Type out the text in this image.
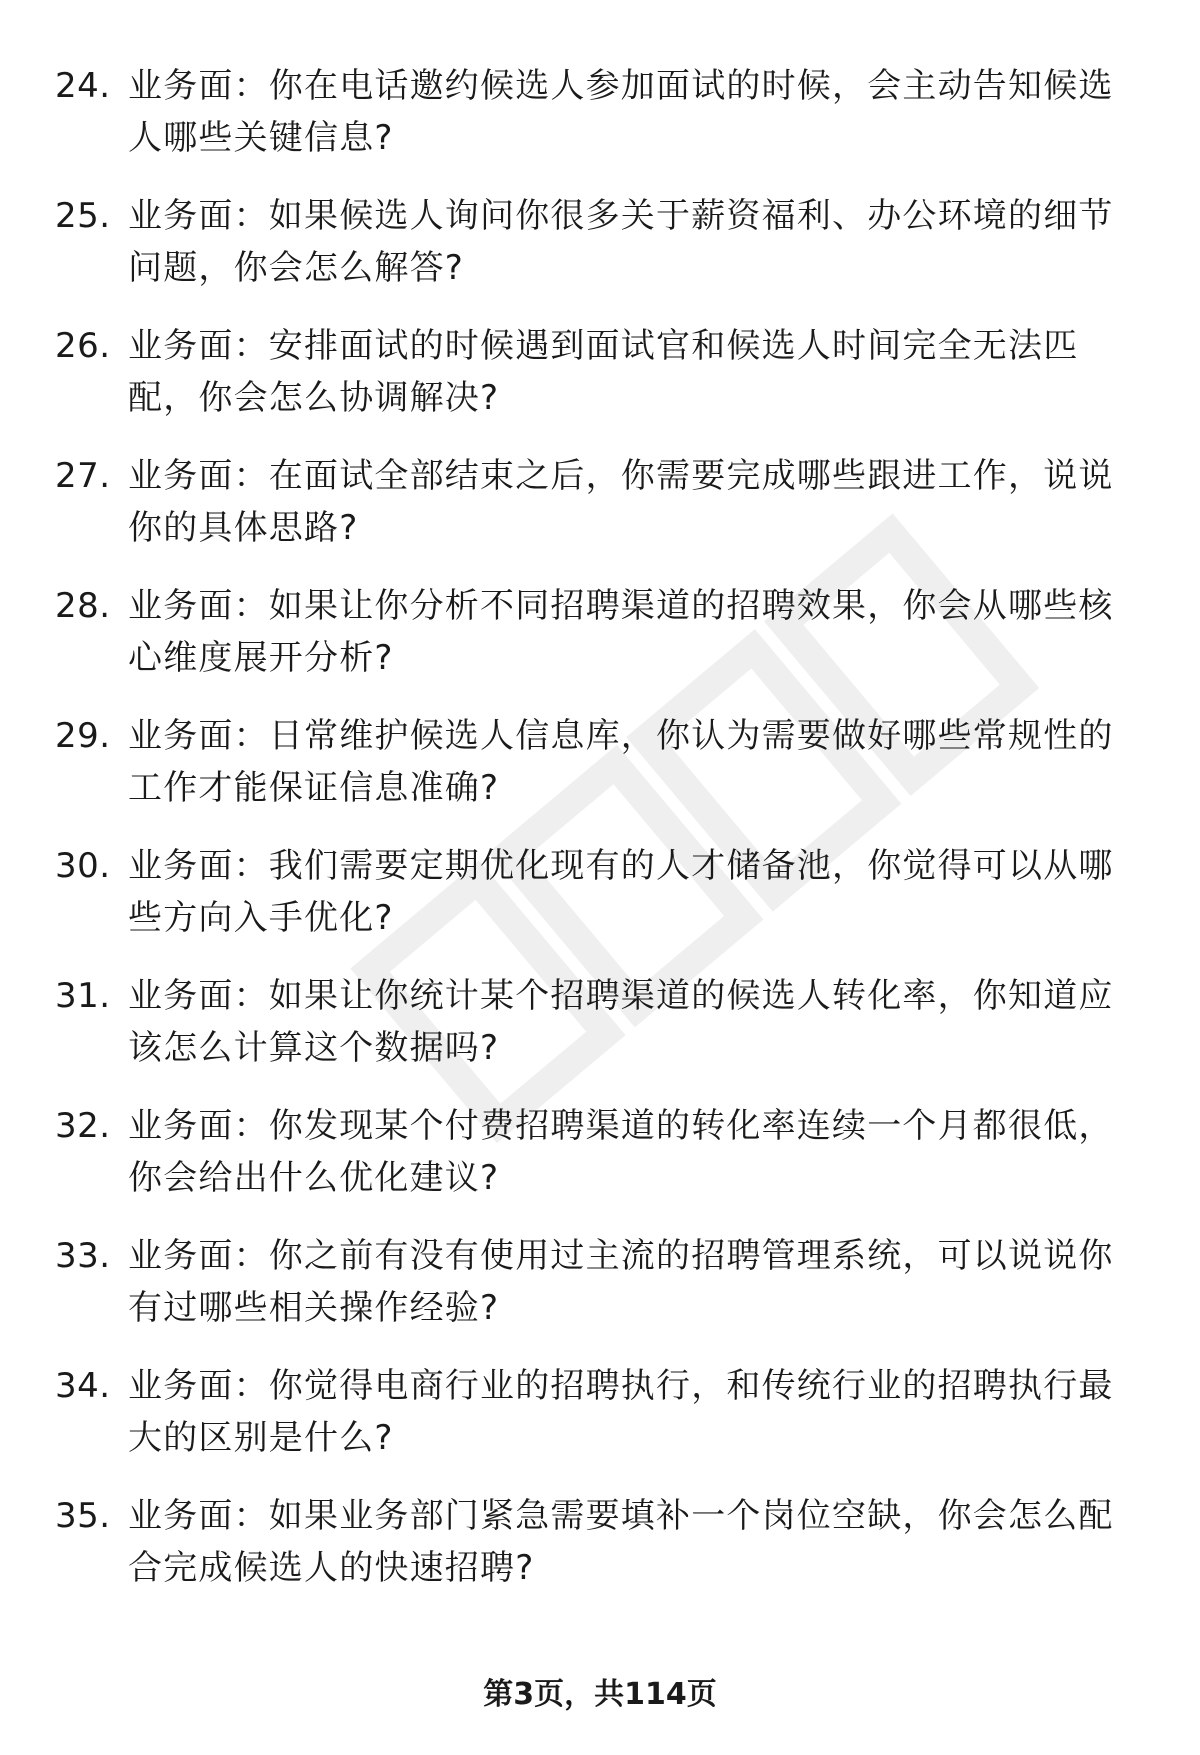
24. 业务面：你在电话邀约候选人参加面试的时候，会主动告知候选人哪些关键信息?
25. 业务面：如果候选人询问你很多关于薪资福利、办公环境的细节问题，你会怎么解答?
26. 业务面：安排面试的时候遇到面试官和候选人时间完全无法匹配，你会怎么协调解决?
27. 业务面：在面试全部结束之后，你需要完成哪些跟进工作，说说你的具体思路?
28. 业务面：如果让你分析不同招聘渠道的招聘效果，你会从哪些核心维度展开分析?
29. 业务面：日常维护候选人信息库，你认为需要做好哪些常规性的工作才能保证信息准确?
30. 业务面：我们需要定期优化现有的人才储备池，你觉得可以从哪些方向入手优化?
31. 业务面：如果让你统计某个招聘渠道的候选人转化率，你知道应该怎么计算这个数据吗?
32. 业务面：你发现某个付费招聘渠道的转化率连续一个月都很低，你会给出什么优化建议?
33. 业务面：你之前有没有使用过主流的招聘管理系统，可以说说你有过哪些相关操作经验?
34. 业务面：你觉得电商行业的招聘执行，和传统行业的招聘执行最大的区别是什么?
35. 业务面：如果业务部门紧急需要填补一个岗位空缺，你会怎么配合完成候选人的快速招聘?
第3页，共114页
